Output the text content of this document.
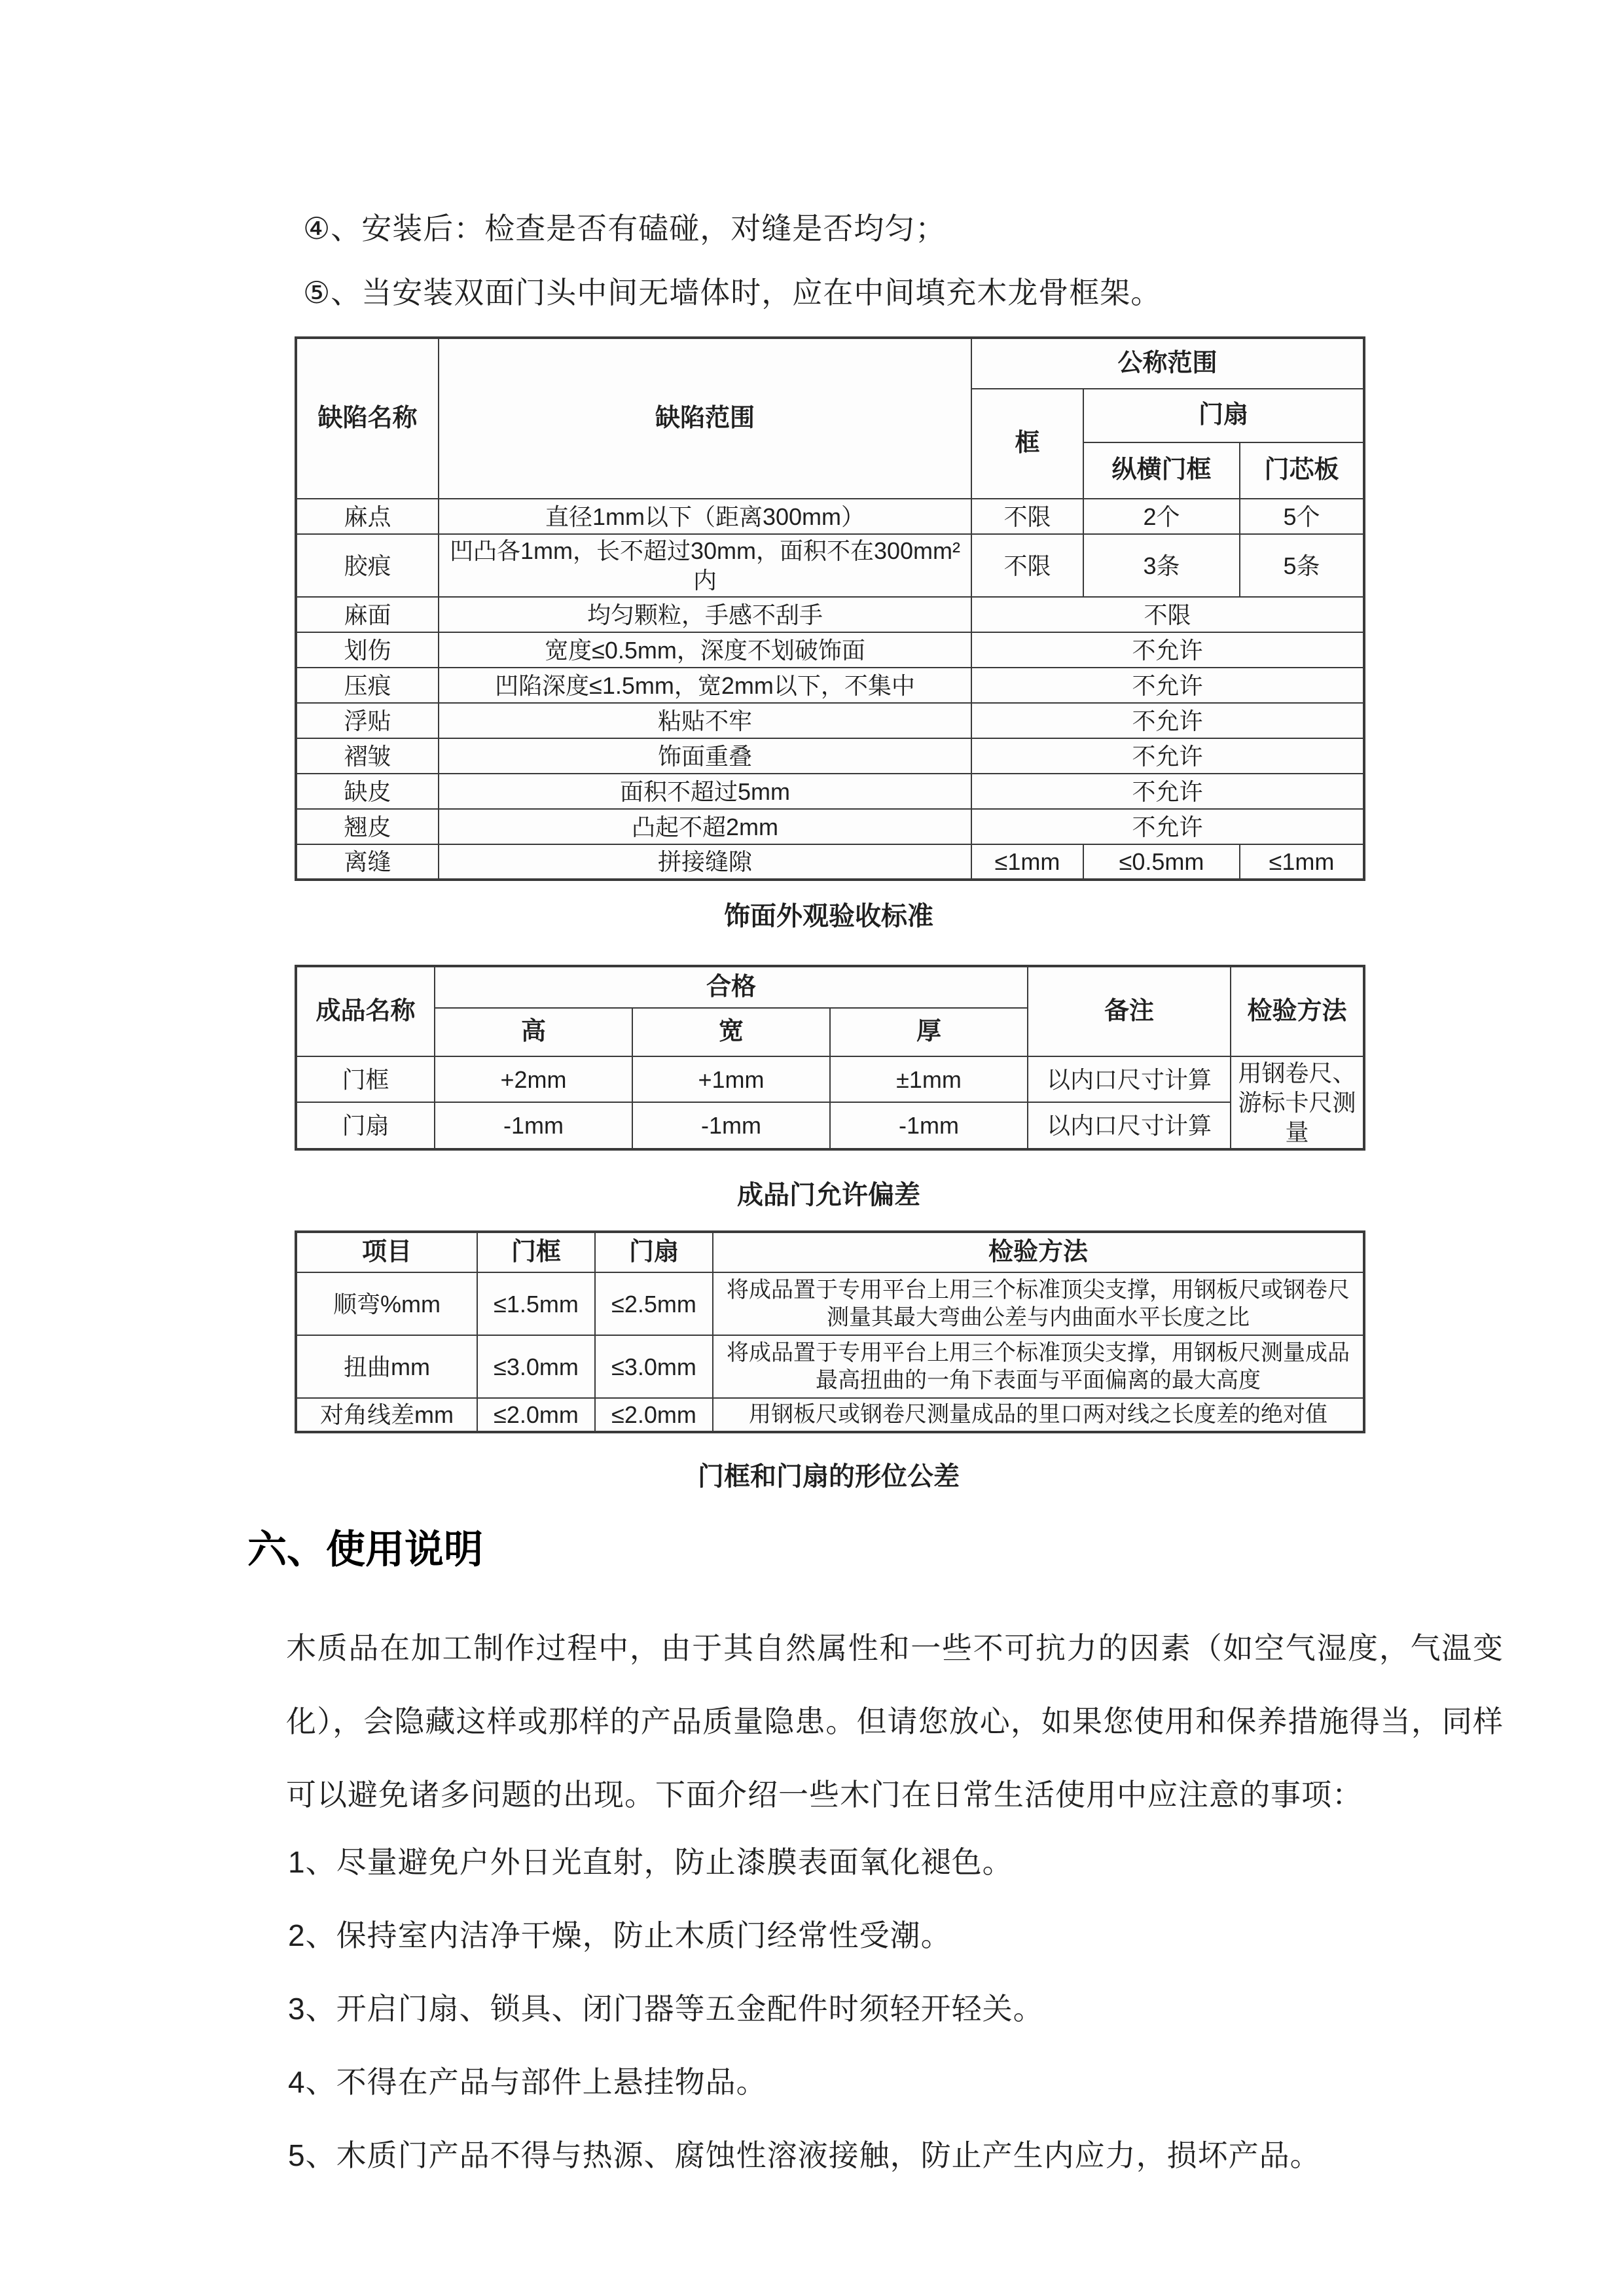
④、安装后：检查是否有磕碰，对缝是否均匀；

⑤、当安装双面门头中间无墙体时，应在中间填充木龙骨框架。

缺陷名称	缺陷范围	公称范围		
		框	门扇	
			纵横门框	门芯板
麻点	直径1mm以下（距离300mm）	不限	2个	5个
胶痕	凹凸各1mm，长不超过30mm，面积不在300mm²内	不限	3条	5条
麻面	均匀颗粒，手感不刮手	不限		
划伤	宽度≤0.5mm，深度不划破饰面	不允许		
压痕	凹陷深度≤1.5mm，宽2mm以下，不集中	不允许		
浮贴	粘贴不牢	不允许		
褶皱	饰面重叠	不允许		
缺皮	面积不超过5mm	不允许		
翘皮	凸起不超2mm	不允许		
离缝	拼接缝隙	≤1mm	≤0.5mm	≤1mm

饰面外观验收标准

成品名称	合格			备注	检验方法
	高	宽	厚		
门框	+2mm	+1mm	±1mm	以内口尺寸计算	用钢卷尺、游标卡尺测量
门扇	-1mm	-1mm	-1mm	以内口尺寸计算	

成品门允许偏差

项目	门框	门扇	检验方法
顺弯%mm	≤1.5mm	≤2.5mm	将成品置于专用平台上用三个标准顶尖支撑，用钢板尺或钢卷尺测量其最大弯曲公差与内曲面水平长度之比
扭曲mm	≤3.0mm	≤3.0mm	将成品置于专用平台上用三个标准顶尖支撑，用钢板尺测量成品最高扭曲的一角下表面与平面偏离的最大高度
对角线差mm	≤2.0mm	≤2.0mm	用钢板尺或钢卷尺测量成品的里口两对线之长度差的绝对值

门框和门扇的形位公差

六、使用说明

木质品在加工制作过程中，由于其自然属性和一些不可抗力的因素（如空气湿度，气温变化），会隐藏这样或那样的产品质量隐患。但请您放心，如果您使用和保养措施得当，同样可以避免诸多问题的出现。下面介绍一些木门在日常生活使用中应注意的事项：

1、尽量避免户外日光直射，防止漆膜表面氧化褪色。

2、保持室内洁净干燥，防止木质门经常性受潮。

3、开启门扇、锁具、闭门器等五金配件时须轻开轻关。

4、不得在产品与部件上悬挂物品。

5、木质门产品不得与热源、腐蚀性溶液接触，防止产生内应力，损坏产品。
